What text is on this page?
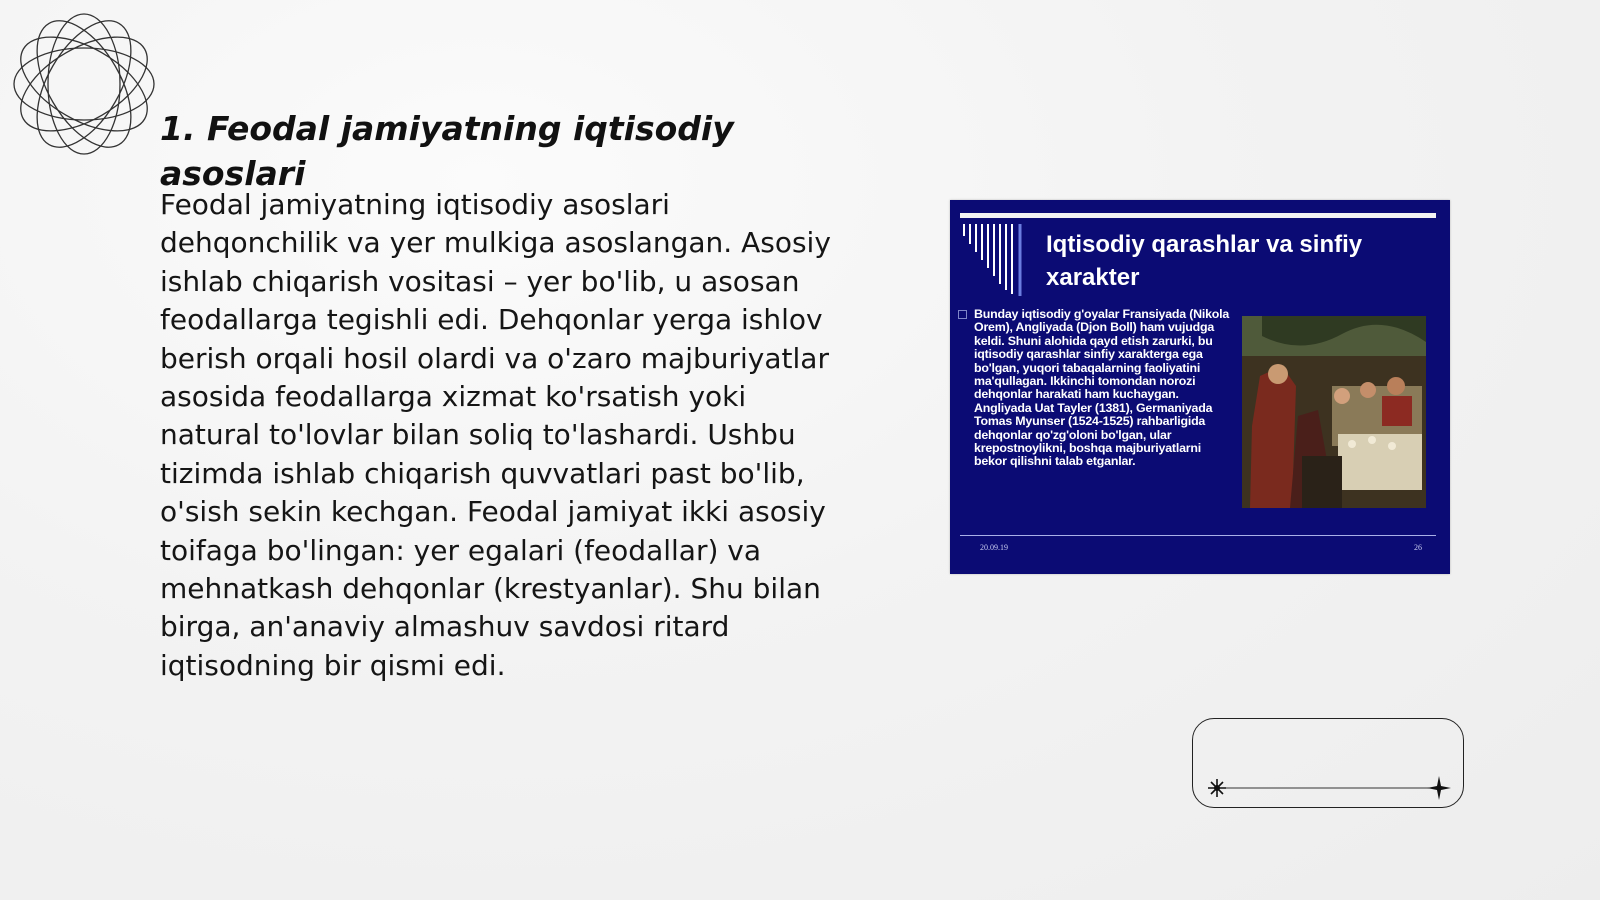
1. Feodal jamiyatning iqtisodiy asoslari

Feodal jamiyatning iqtisodiy asoslari dehqonchilik va yer mulkiga asoslangan. Asosiy ishlab chiqarish vositasi – yer bo'lib, u asosan feodallarga tegishli edi. Dehqonlar yerga ishlov berish orqali hosil olardi va o'zaro majburiyatlar asosida feodallarga xizmat ko'rsatish yoki natural to'lovlar bilan soliq to'lashardi. Ushbu tizimda ishlab chiqarish quvvatlari past bo'lib, o'sish sekin kechgan. Feodal jamiyat ikki asosiy toifaga bo'lingan: yer egalari (feodallar) va mehnatkash dehqonlar (krestyanlar). Shu bilan birga, an'anaviy almashuv savdosi ritard iqtisodning bir qismi edi.

Iqtisodiy qarashlar va sinfiy xarakter
Bunday iqtisodiy g'oyalar Fransiyada (Nikola Orem), Angliyada (Djon Boll) ham vujudga keldi. Shuni alohida qayd etish zarurki, bu iqtisodiy qarashlar sinfiy xarakterga ega bo'lgan, yuqori tabaqalarning faoliyatini ma'qullagan. Ikkinchi tomondan norozi dehqonlar harakati ham kuchaygan. Angliyada Uat Tayler (1381), Germaniyada Tomas Myunser (1524-1525) rahbarligida dehqonlar qo'zg'oloni bo'lgan, ular krepostnoylikni, boshqa majburiyatlarni bekor qilishni talab etganlar.
20.09.19	26
